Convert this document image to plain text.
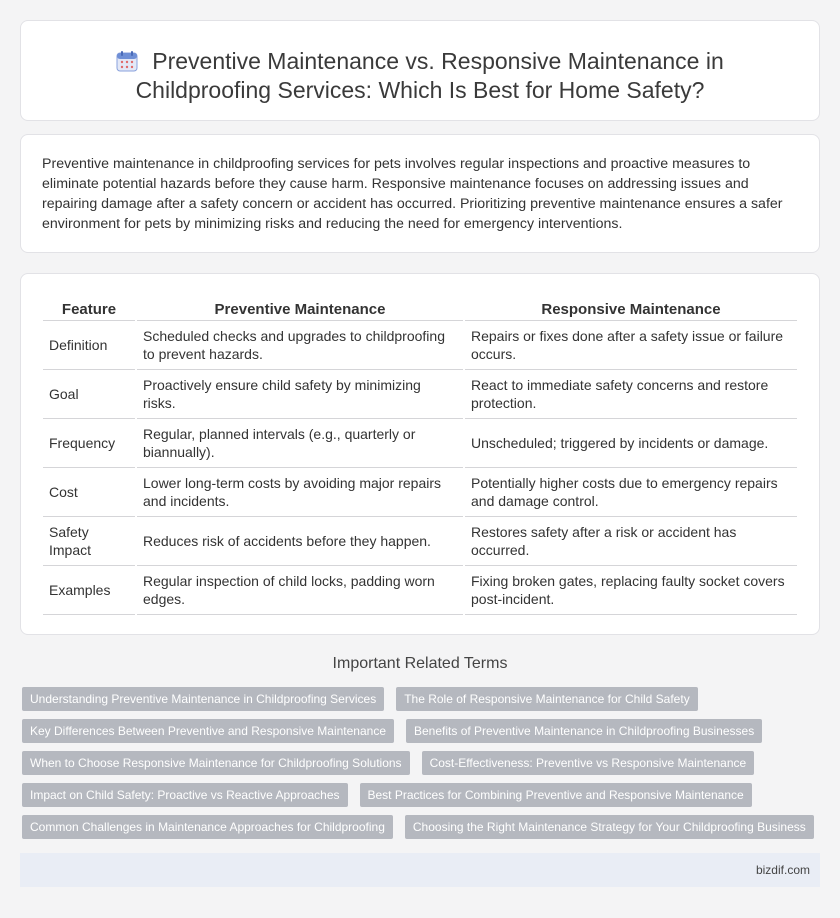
Preventive Maintenance vs. Responsive Maintenance in Childproofing Services: Which Is Best for Home Safety?

Preventive maintenance in childproofing services for pets involves regular inspections and proactive measures to eliminate potential hazards before they cause harm. Responsive maintenance focuses on addressing issues and repairing damage after a safety concern or accident has occurred. Prioritizing preventive maintenance ensures a safer environment for pets by minimizing risks and reducing the need for emergency interventions.

Feature	Preventive Maintenance	Responsive Maintenance
Definition	Scheduled checks and upgrades to childproofing to prevent hazards.	Repairs or fixes done after a safety issue or failure occurs.
Goal	Proactively ensure child safety by minimizing risks.	React to immediate safety concerns and restore protection.
Frequency	Regular, planned intervals (e.g., quarterly or biannually).	Unscheduled; triggered by incidents or damage.
Cost	Lower long-term costs by avoiding major repairs and incidents.	Potentially higher costs due to emergency repairs and damage control.
Safety Impact	Reduces risk of accidents before they happen.	Restores safety after a risk or accident has occurred.
Examples	Regular inspection of child locks, padding worn edges.	Fixing broken gates, replacing faulty socket covers post-incident.
Important Related Terms
Understanding Preventive Maintenance in Childproofing Services	The Role of Responsive Maintenance for Child Safety
Key Differences Between Preventive and Responsive Maintenance	Benefits of Preventive Maintenance in Childproofing Businesses
When to Choose Responsive Maintenance for Childproofing Solutions	Cost-Effectiveness: Preventive vs Responsive Maintenance
Impact on Child Safety: Proactive vs Reactive Approaches	Best Practices for Combining Preventive and Responsive Maintenance
Common Challenges in Maintenance Approaches for Childproofing	Choosing the Right Maintenance Strategy for Your Childproofing Business
bizdif.com
